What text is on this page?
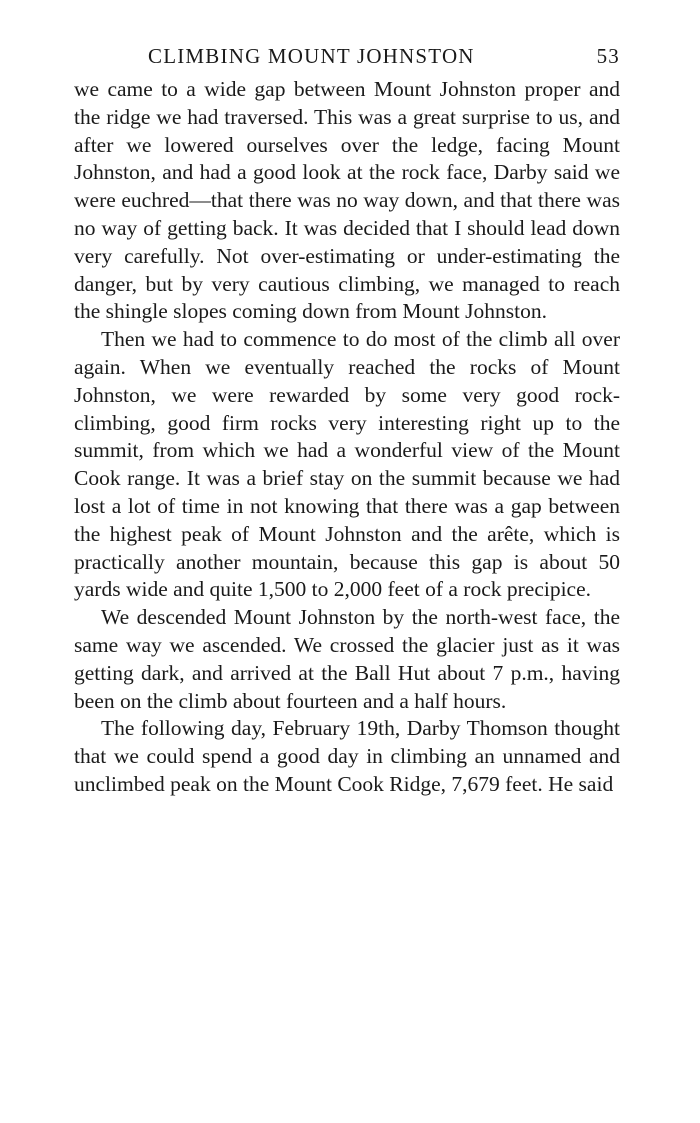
CLIMBING MOUNT JOHNSTON	53

we came to a wide gap between Mount Johnston proper and the ridge we had traversed. This was a great surprise to us, and after we lowered ourselves over the ledge, facing Mount Johnston, and had a good look at the rock face, Darby said we were euchred—that there was no way down, and that there was no way of getting back. It was decided that I should lead down very carefully. Not over-estimating or under-estimating the danger, but by very cautious climbing, we managed to reach the shingle slopes coming down from Mount Johnston.

Then we had to commence to do most of the climb all over again. When we eventually reached the rocks of Mount Johnston, we were rewarded by some very good rock-climbing, good firm rocks very interesting right up to the summit, from which we had a wonderful view of the Mount Cook range. It was a brief stay on the summit because we had lost a lot of time in not knowing that there was a gap between the highest peak of Mount Johnston and the arête, which is practically another mountain, because this gap is about 50 yards wide and quite 1,500 to 2,000 feet of a rock precipice.

We descended Mount Johnston by the north-west face, the same way we ascended. We crossed the glacier just as it was getting dark, and arrived at the Ball Hut about 7 p.m., having been on the climb about fourteen and a half hours.

The following day, February 19th, Darby Thomson thought that we could spend a good day in climbing an unnamed and unclimbed peak on the Mount Cook Ridge, 7,679 feet. He said
